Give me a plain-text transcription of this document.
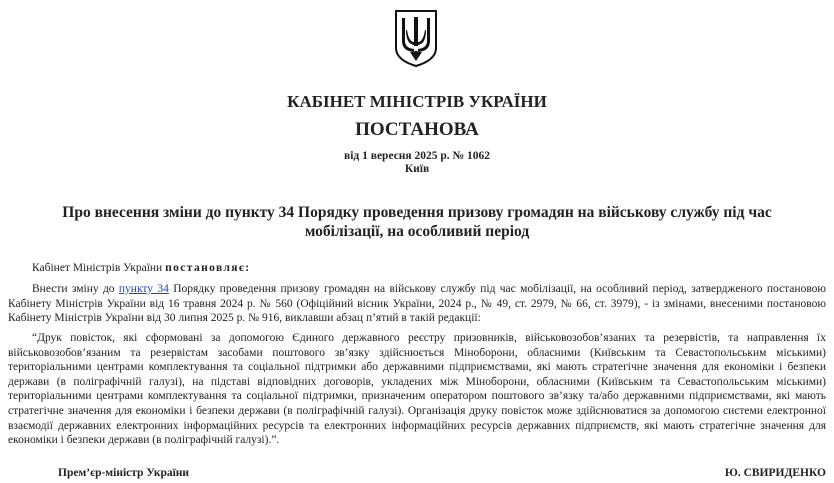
КАБІНЕТ МІНІСТРІВ УКРАЇНИ
ПОСТАНОВА
від 1 вересня 2025 р. № 1062
Київ
Про внесення зміни до пункту 34 Порядку проведення призову громадян на військову службу під час мобілізації, на особливий період
Кабінет Міністрів України постановляє:
Внести зміну до пункту 34 Порядку проведення призову громадян на військову службу під час мобілізації, на особливий період, затвердженого постановою Кабінету Міністрів України від 16 травня 2024 р. № 560 (Офіційний вісник України, 2024 р., № 49, ст. 2979, № 66, ст. 3979), - із змінами, внесеними постановою Кабінету Міністрів України від 30 липня 2025 р. № 916, виклавши абзац п’ятий в такій редакції:
“Друк повісток, які сформовані за допомогою Єдиного державного реєстру призовників, військовозобов’язаних та резервістів, та направлення їх військовозобов’язаним та резервістам засобами поштового зв’язку здійснюється Міноборони, обласними (Київським та Севастопольським міськими) територіальними центрами комплектування та соціальної підтримки або державними підприємствами, які мають стратегічне значення для економіки і безпеки держави (в поліграфічній галузі), на підставі відповідних договорів, укладених між Міноборони, обласними (Київським та Севастопольським міськими) територіальними центрами комплектування та соціальної підтримки, призначеним оператором поштового зв’язку та/або державними підприємствами, які мають стратегічне значення для економіки і безпеки держави (в поліграфічній галузі). Організація друку повісток може здійснюватися за допомогою системи електронної взаємодії державних електронних інформаційних ресурсів та електронних інформаційних ресурсів державних підприємств, які мають стратегічне значення для економіки і безпеки держави (в поліграфічній галузі).”.
Прем’єр-міністр України	Ю. СВИРИДЕНКО
